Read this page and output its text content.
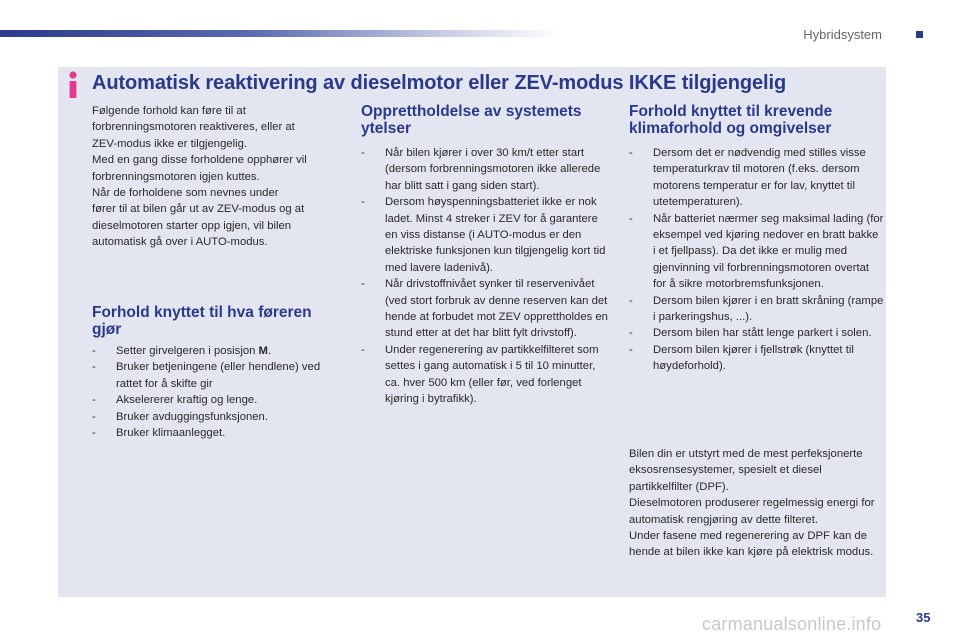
Hybridsystem
Automatisk reaktivering av dieselmotor eller ZEV-modus IKKE tilgjengelig

Følgende forhold kan føre til at

forbrenningsmotoren reaktiveres, eller at

ZEV-modus ikke er tilgjengelig.

Med en gang disse forholdene opphører vil

forbrenningsmotoren igjen kuttes.

Når de forholdene som nevnes under

fører til at bilen går ut av ZEV-modus og at

dieselmotoren starter opp igjen, vil bilen

automatisk gå over i AUTO-modus.

Forhold knyttet til hva føreren gjør
- Setter girvelgeren i posisjon M.
- Bruker betjeningene (eller hendlene) ved rattet for å skifte gir
- Akselererer kraftig og lenge.
- Bruker avduggingsfunksjonen.
- Bruker klimaanlegget.
Opprettholdelse av systemets ytelser
- Når bilen kjører i over 30 km/t etter start (dersom forbrenningsmotoren ikke allerede har blitt satt i gang siden start).
- Dersom høyspenningsbatteriet ikke er nok ladet. Minst 4 streker i ZEV for å garantere en viss distanse (i AUTO-modus er den elektriske funksjonen kun tilgjengelig kort tid med lavere ladenivå).
- Når drivstoffnivået synker til reservenivået (ved stort forbruk av denne reserven kan det hende at forbudet mot ZEV opprettholdes en stund etter at det har blitt fylt drivstoff).
- Under regenerering av partikkelfilteret som settes i gang automatisk i 5 til 10 minutter, ca. hver 500 km (eller før, ved forlenget kjøring i bytrafikk).
Forhold knyttet til krevende klimaforhold og omgivelser
- Dersom det er nødvendig med stilles visse temperaturkrav til motoren (f.eks. dersom motorens temperatur er for lav, knyttet til utetemperaturen).
- Når batteriet nærmer seg maksimal lading (for eksempel ved kjøring nedover en bratt bakke i et fjellpass). Da det ikke er mulig med gjenvinning vil forbrenningsmotoren overtat for å sikre motorbremsfunksjonen.
- Dersom bilen kjører i en bratt skråning (rampe i parkeringshus, ...).
- Dersom bilen har stått lenge parkert i solen.
- Dersom bilen kjører i fjellstrøk (knyttet til høydeforhold).

Bilen din er utstyrt med de mest perfeksjonerte eksosrensesystemer, spesielt et diesel partikkelfilter (DPF).

Dieselmotoren produserer regelmessig energi for automatisk rengjøring av dette filteret.

Under fasene med regenerering av DPF kan de hende at bilen ikke kan kjøre på elektrisk modus.

carmanualsonline.info	35
